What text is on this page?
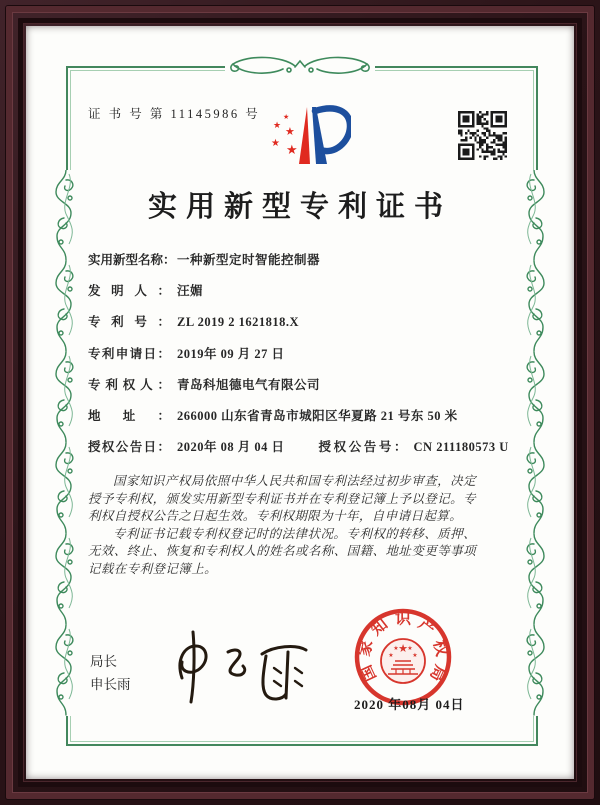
证 书 号 第 11145986 号
★
★
★
★ ★
实用新型专利证书
实用新型名称：一种新型定时智能控制器
发明人： 汪媚
专利号： ZL 2019 2 1621818.X
专利申请日： 2019年 09 月 27 日
专利权人： 青岛科旭德电气有限公司
地址： 266000 山东省青岛市城阳区华夏路 21 号东 50 米
授权公告日： 2020年 08 月 04 日	授权公告号： CN 211180573 U

国家知识产权局依照中华人民共和国专利法经过初步审查，决定授予专利权，颁发实用新型专利证书并在专利登记簿上予以登记。专利权自授权公告之日起生效。专利权期限为十年，自申请日起算。

专利证书记载专利权登记时的法律状况。专利权的转移、质押、无效、终止、恢复和专利权人的姓名或名称、国籍、地址变更等事项记载在专利登记簿上。

局长
申长雨
国
家
知 识 产
权
局
★
★
★ ★
★
2020 年08月 04日
